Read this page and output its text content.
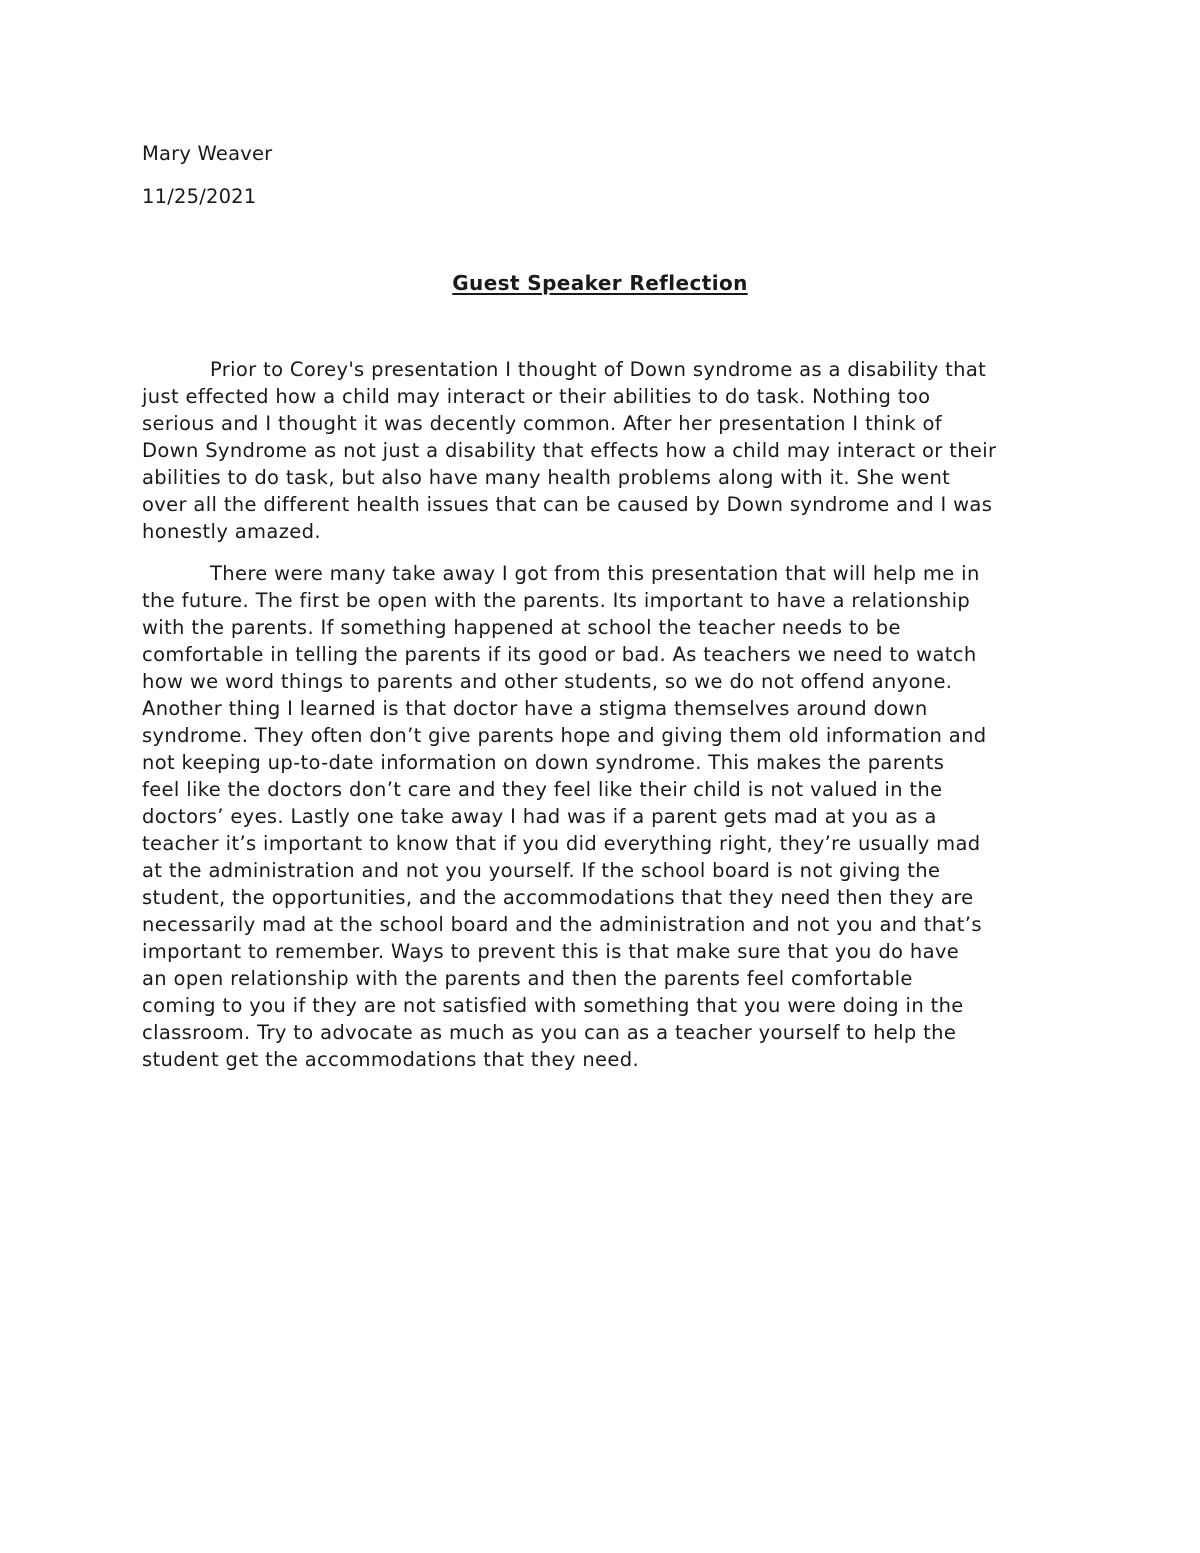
Mary Weaver
11/25/2021
Guest Speaker Reflection
Prior to Corey's presentation I thought of Down syndrome as a disability that
just effected how a child may interact or their abilities to do task. Nothing too
serious and I thought it was decently common. After her presentation I think of
Down Syndrome as not just a disability that effects how a child may interact or their
abilities to do task, but also have many health problems along with it. She went
over all the different health issues that can be caused by Down syndrome and I was
honestly amazed.
There were many take away I got from this presentation that will help me in
the future. The first be open with the parents. Its important to have a relationship
with the parents. If something happened at school the teacher needs to be
comfortable in telling the parents if its good or bad. As teachers we need to watch
how we word things to parents and other students, so we do not offend anyone.
Another thing I learned is that doctor have a stigma themselves around down
syndrome. They often don’t give parents hope and giving them old information and
not keeping up-to-date information on down syndrome. This makes the parents
feel like the doctors don’t care and they feel like their child is not valued in the
doctors’ eyes. Lastly one take away I had was if a parent gets mad at you as a
teacher it’s important to know that if you did everything right, they’re usually mad
at the administration and not you yourself. If the school board is not giving the
student, the opportunities, and the accommodations that they need then they are
necessarily mad at the school board and the administration and not you and that’s
important to remember. Ways to prevent this is that make sure that you do have
an open relationship with the parents and then the parents feel comfortable
coming to you if they are not satisfied with something that you were doing in the
classroom. Try to advocate as much as you can as a teacher yourself to help the
student get the accommodations that they need.
